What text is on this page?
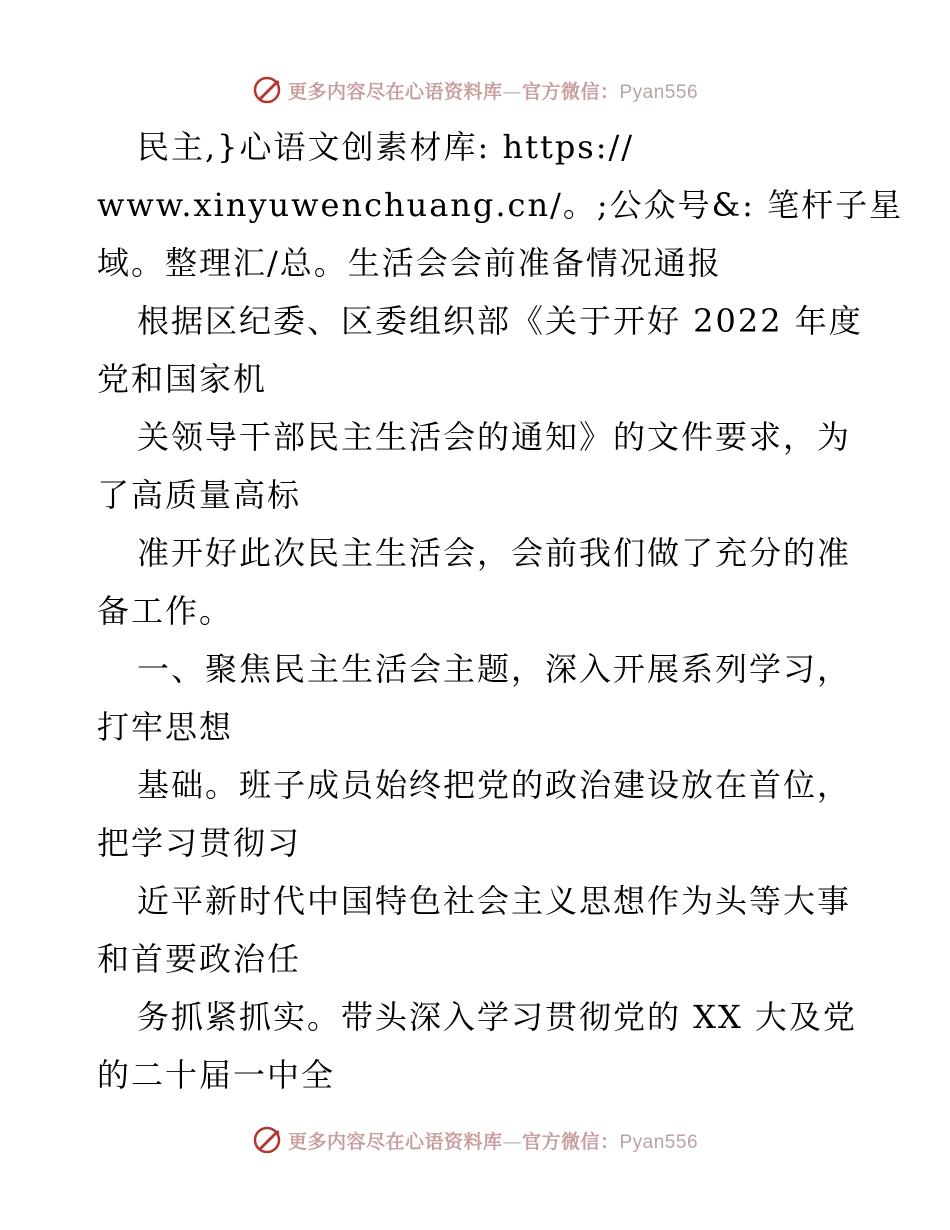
更多内容尽在心语资料库—官方微信：Pyan556
民主,}心语文创素材库: https://
www.xinyuwenchuang.cn/。;公众号&: 笔杆子星
域。整理汇/总。生活会会前准备情况通报
根据区纪委、区委组织部《关于开好 2022 年度
党和国家机
关领导干部民主生活会的通知》的文件要求，为
了高质量高标
准开好此次民主生活会，会前我们做了充分的准
备工作。
一、聚焦民主生活会主题，深入开展系列学习，
打牢思想
基础。班子成员始终把党的政治建设放在首位，
把学习贯彻习
近平新时代中国特色社会主义思想作为头等大事
和首要政治任
务抓紧抓实。带头深入学习贯彻党的 XX 大及党
的二十届一中全
更多内容尽在心语资料库—官方微信：Pyan556
